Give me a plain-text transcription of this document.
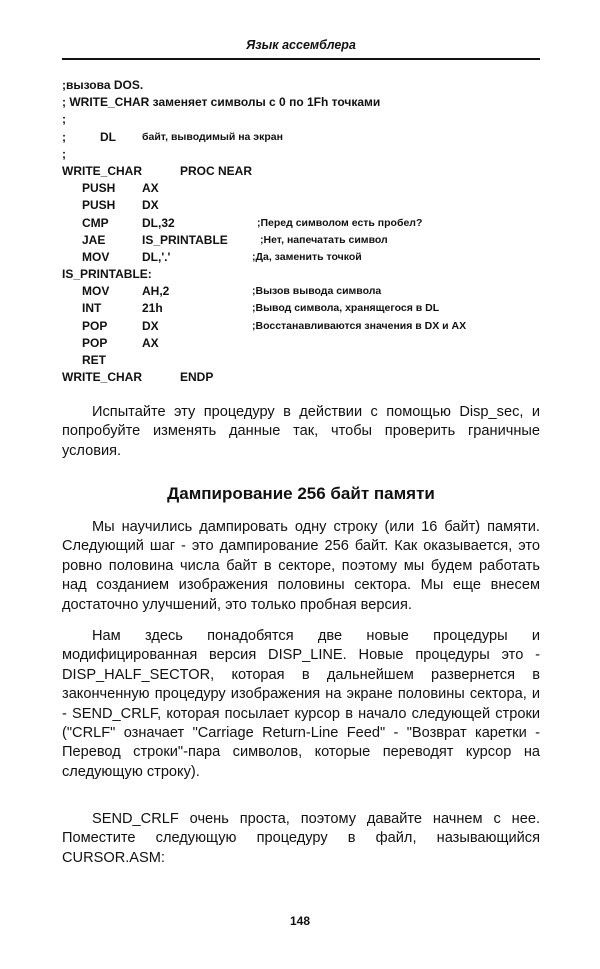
Язык ассемблера
;вызова DOS.
; WRITE_CHAR заменяет символы с 0 по 1Fh точками
;
;	DL байт, выводимый на экран
;
WRITE_CHAR	PROC NEAR
PUSH AX
PUSH DX
CMP	DL,32	;Перед символом есть пробел?
JAE	IS_PRINTABLE	;Нет, напечатать символ
MOV	DL,'.'	;Да, заменить точкой
IS_PRINTABLE:
MOV	AH,2	;Вызов вывода символа
INT	21h	;Вывод символа, хранящегося в DL
POP	DX	;Восстанавливаются значения в DX и AX
POP	AX
RET
WRITE_CHAR	ENDP
Испытайте эту процедуру в действии с помощью Disp_sec, и попробуйте изменять данные так, чтобы проверить граничные условия.
Дампирование 256 байт памяти
Мы научились дампировать одну строку (или 16 байт) памяти. Следующий шаг - это дампирование 256 байт. Как оказывается, это ровно половина числа байт в секторе, поэтому мы будем работать над созданием изображения половины сектора. Мы еще внесем достаточно улучшений, это только пробная версия.
Нам здесь понадобятся две новые процедуры и модифицированная версия DISP_LINE. Новые процедуры это - DISP_HALF_SECTOR, которая в дальнейшем развернется в законченную процедуру изображения на экране половины сектора, и - SEND_CRLF, которая посылает курсор в начало следующей строки ("CRLF" означает "Carriage Return-Line Feed" - "Возврат каретки - Перевод строки"-пара символов, которые переводят курсор на следующую строку).
SEND_CRLF очень проста, поэтому давайте начнем с нее. Поместите следующую процедуру в файл, называющийся CURSOR.ASM:
148
